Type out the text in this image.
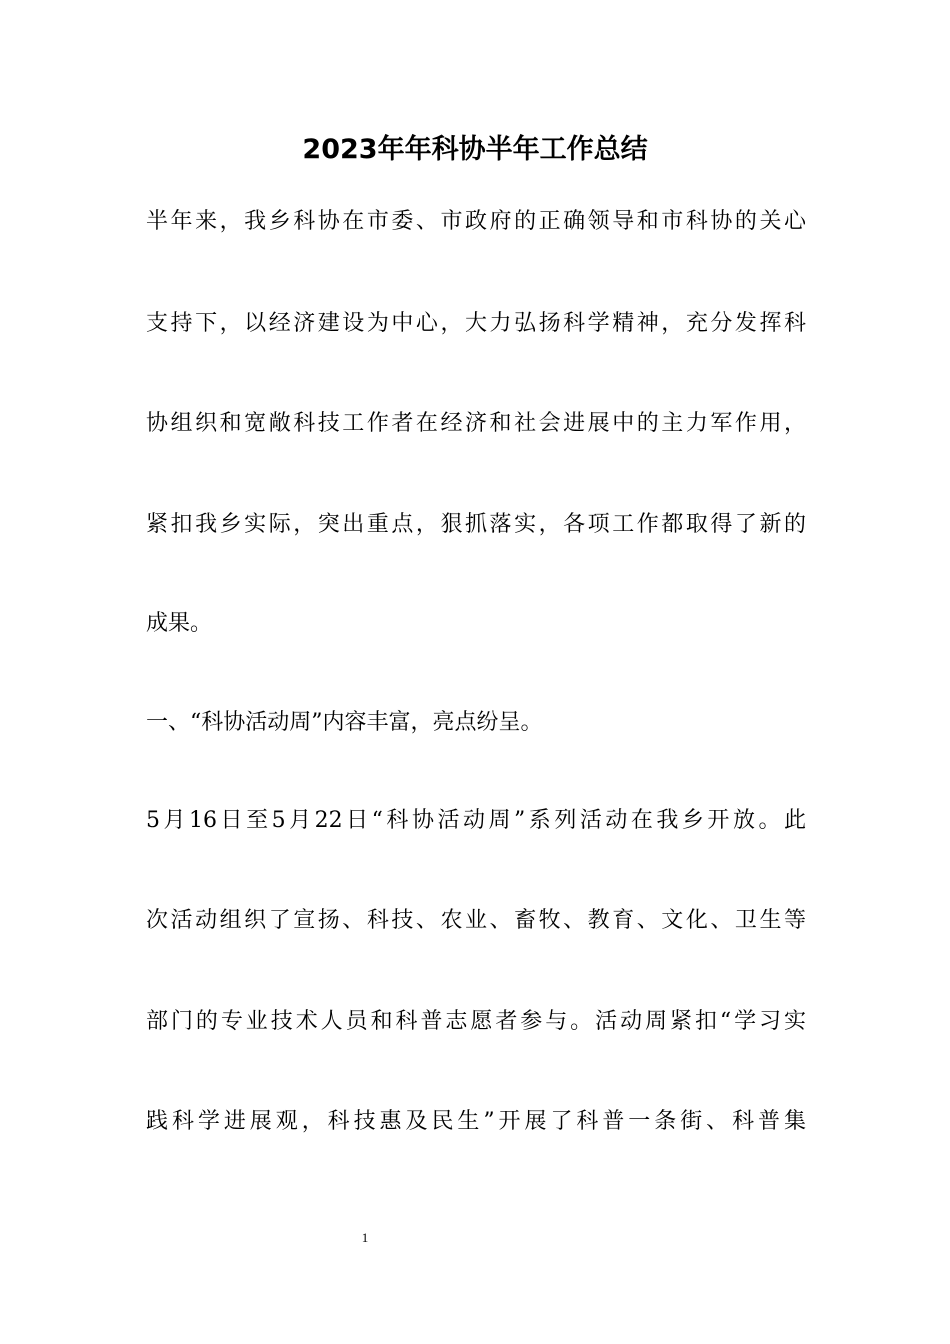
2023年年科协半年工作总结
半年来，我乡科协在市委、市政府的正确领导和市科协的关心
支持下，以经济建设为中心，大力弘扬科学精神，充分发挥科
协组织和宽敞科技工作者在经济和社会进展中的主力军作用，
紧扣我乡实际，突出重点，狠抓落实，各项工作都取得了新的
成果。
一、“科协活动周”内容丰富，亮点纷呈。
5月16日至5月22日“科协活动周”系列活动在我乡开放。此
次活动组织了宣扬、科技、农业、畜牧、教育、文化、卫生等
部门的专业技术人员和科普志愿者参与。活动周紧扣“学习实
践科学进展观，科技惠及民生”开展了科普一条街、科普集
1
